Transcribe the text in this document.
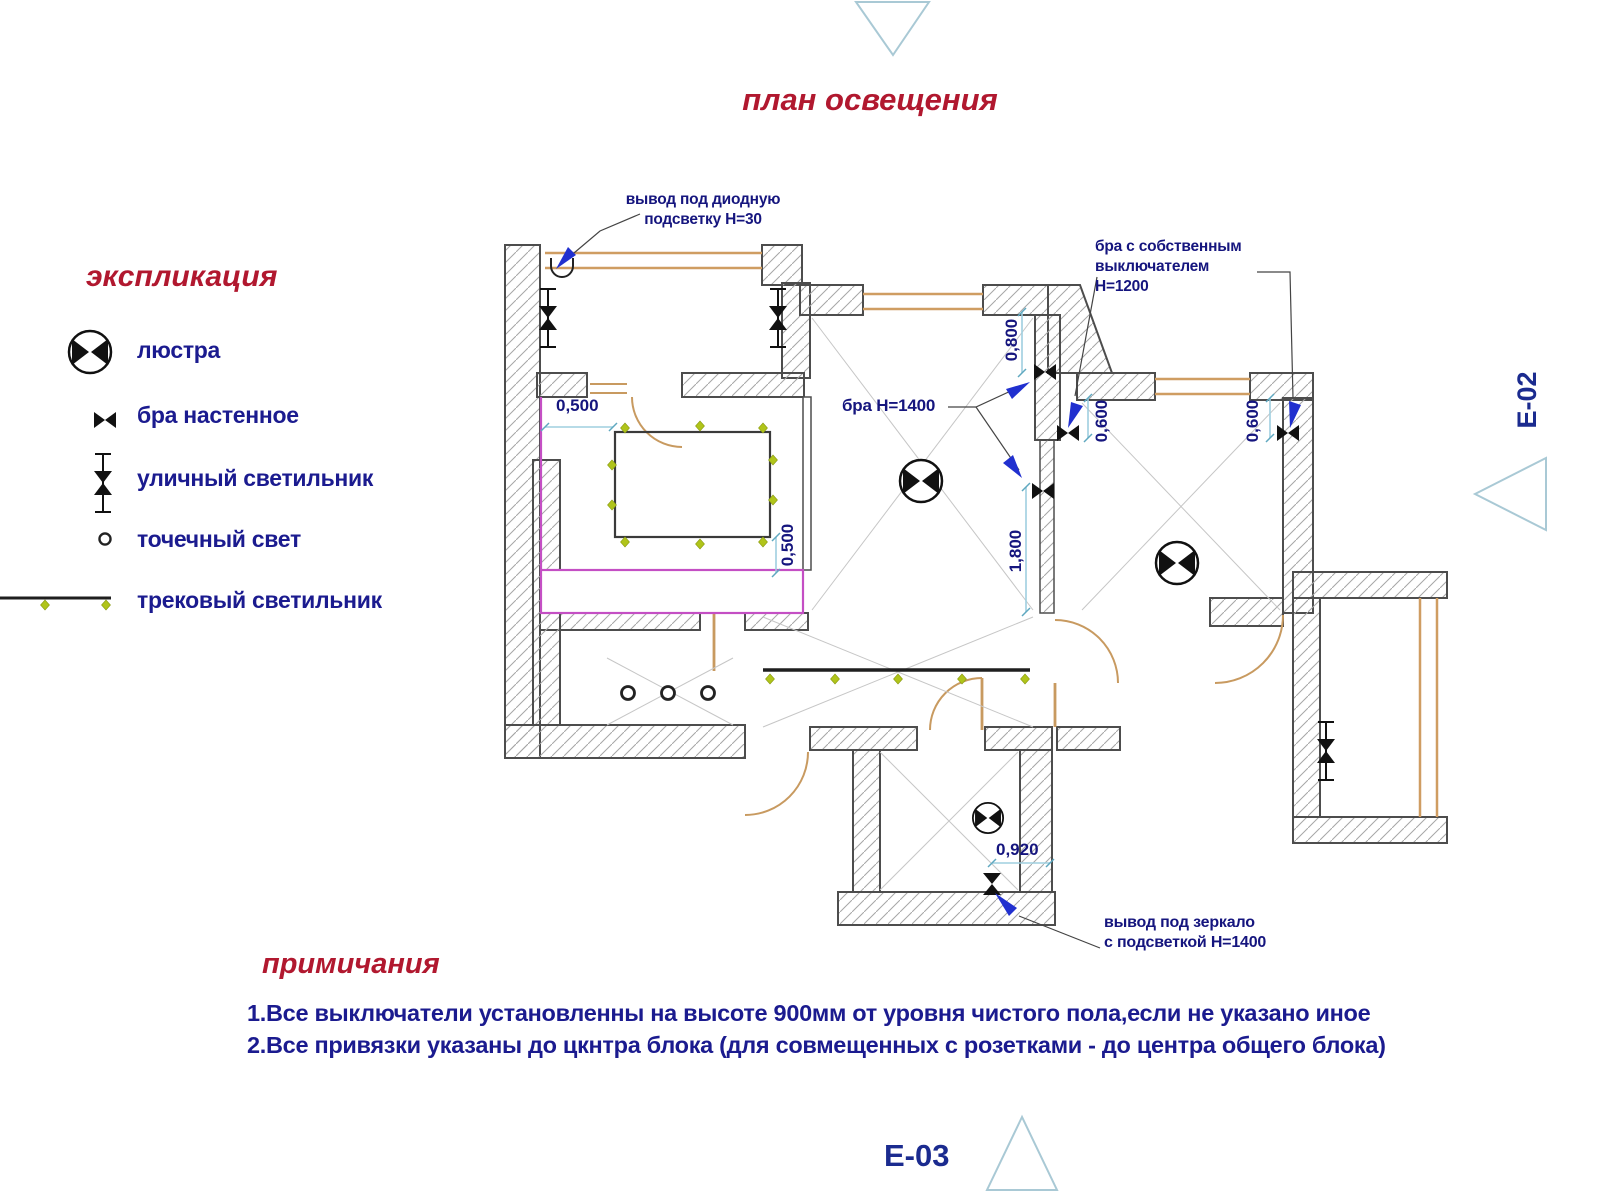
план освещения
экспликация
люстра
бра настенное
уличный светильник
точечный свет
трековый светильник
вывод под диодную
подсветку Н=30
бра с собственным
выключателем
Н=1200
бра Н=1400
вывод под зеркало
с подсветкой Н=1400
0,500
0,500
0,800
0,600	0,600
1,800
0,920
примичания
1.Все выключатели установленны на высоте 900мм от уровня чистого пола,если не указано иное
2.Все привязки указаны до цкнтра блока (для совмещенных с розетками - до центра общего блока)
E-02
E-03
